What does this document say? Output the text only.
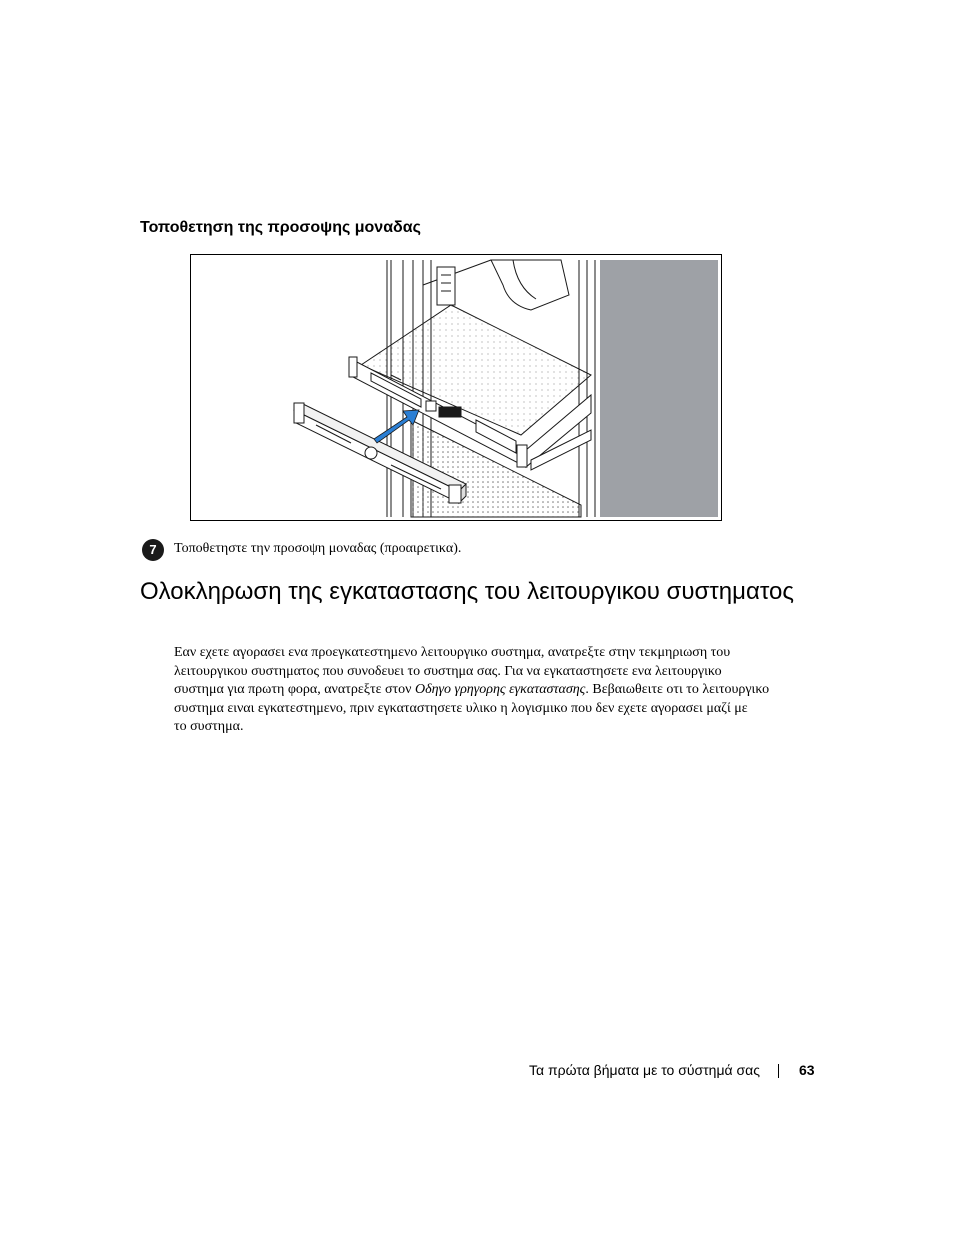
Τοποθετηση της προσοψης μοναδας
7	Τοποθετηστε την προσοψη μοναδας (προαιρετικα).
Ολοκληρωση της εγκαταστασης του λειτουργικου συστηματος

Εαν εχετε αγορασει ενα προεγκατεστημενο λειτουργικο συστημα, ανατρεξτε στην τεκμηριωση του
λειτουργικου συστηματος που συνοδευει το συστημα σας. Για να εγκαταστησετε ενα λειτουργικο
συστημα για πρωτη φορα, ανατρεξτε στον Οδηγο γρηγορης εγκαταστασης. Βεβαιωθειτε οτι το λειτουργικο
συστημα ειναι εγκατεστημενο, πριν εγκαταστησετε υλικο η λογισμικο που δεν εχετε αγορασει μαζί με
το συστημα.

Τα πρώτα βήματα με το σύστημά σας	63
